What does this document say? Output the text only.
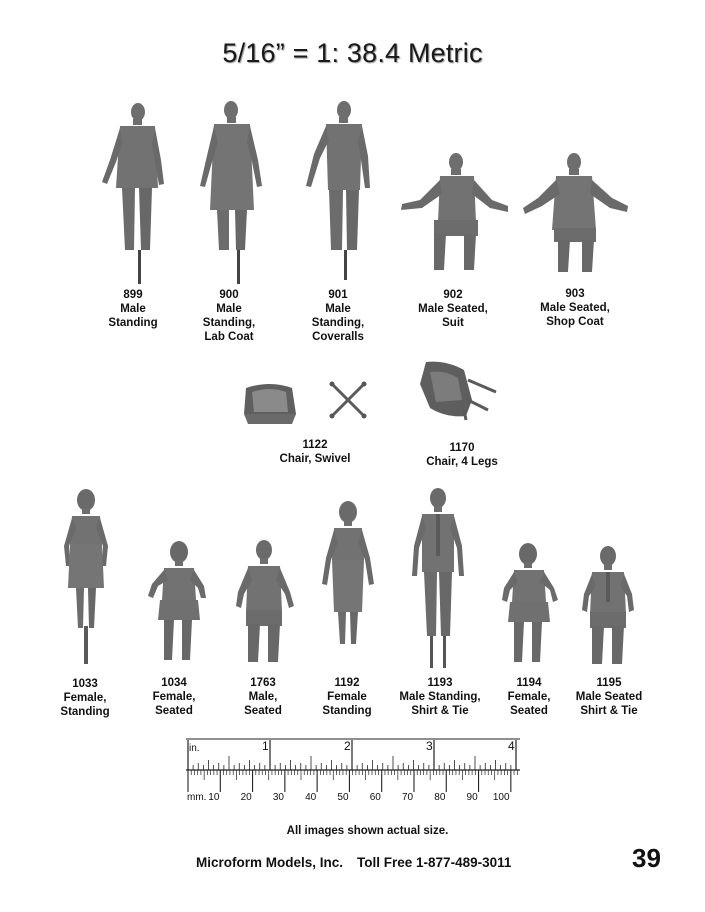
5/16” = 1: 38.4 Metric
899
Male
Standing
900
Male
Standing,
Lab Coat
901
Male
Standing,
Coveralls
902
Male Seated,
Suit
903
Male Seated,
Shop Coat
1122
Chair, Swivel
1170
Chair, 4 Legs
1033
Female,
Standing
1034
Female,
Seated
1763
Male,
Seated
1192
Female
Standing
1193
Male Standing,
Shirt & Tie
1194
Female,
Seated
1195
Male Seated
Shirt & Tie
in.
mm.
1	2	3	4
10 20 30 40 50 60 70 80 90 100
All images shown actual size.
Microform Models, Inc. Toll Free 1-877-489-3011	39
